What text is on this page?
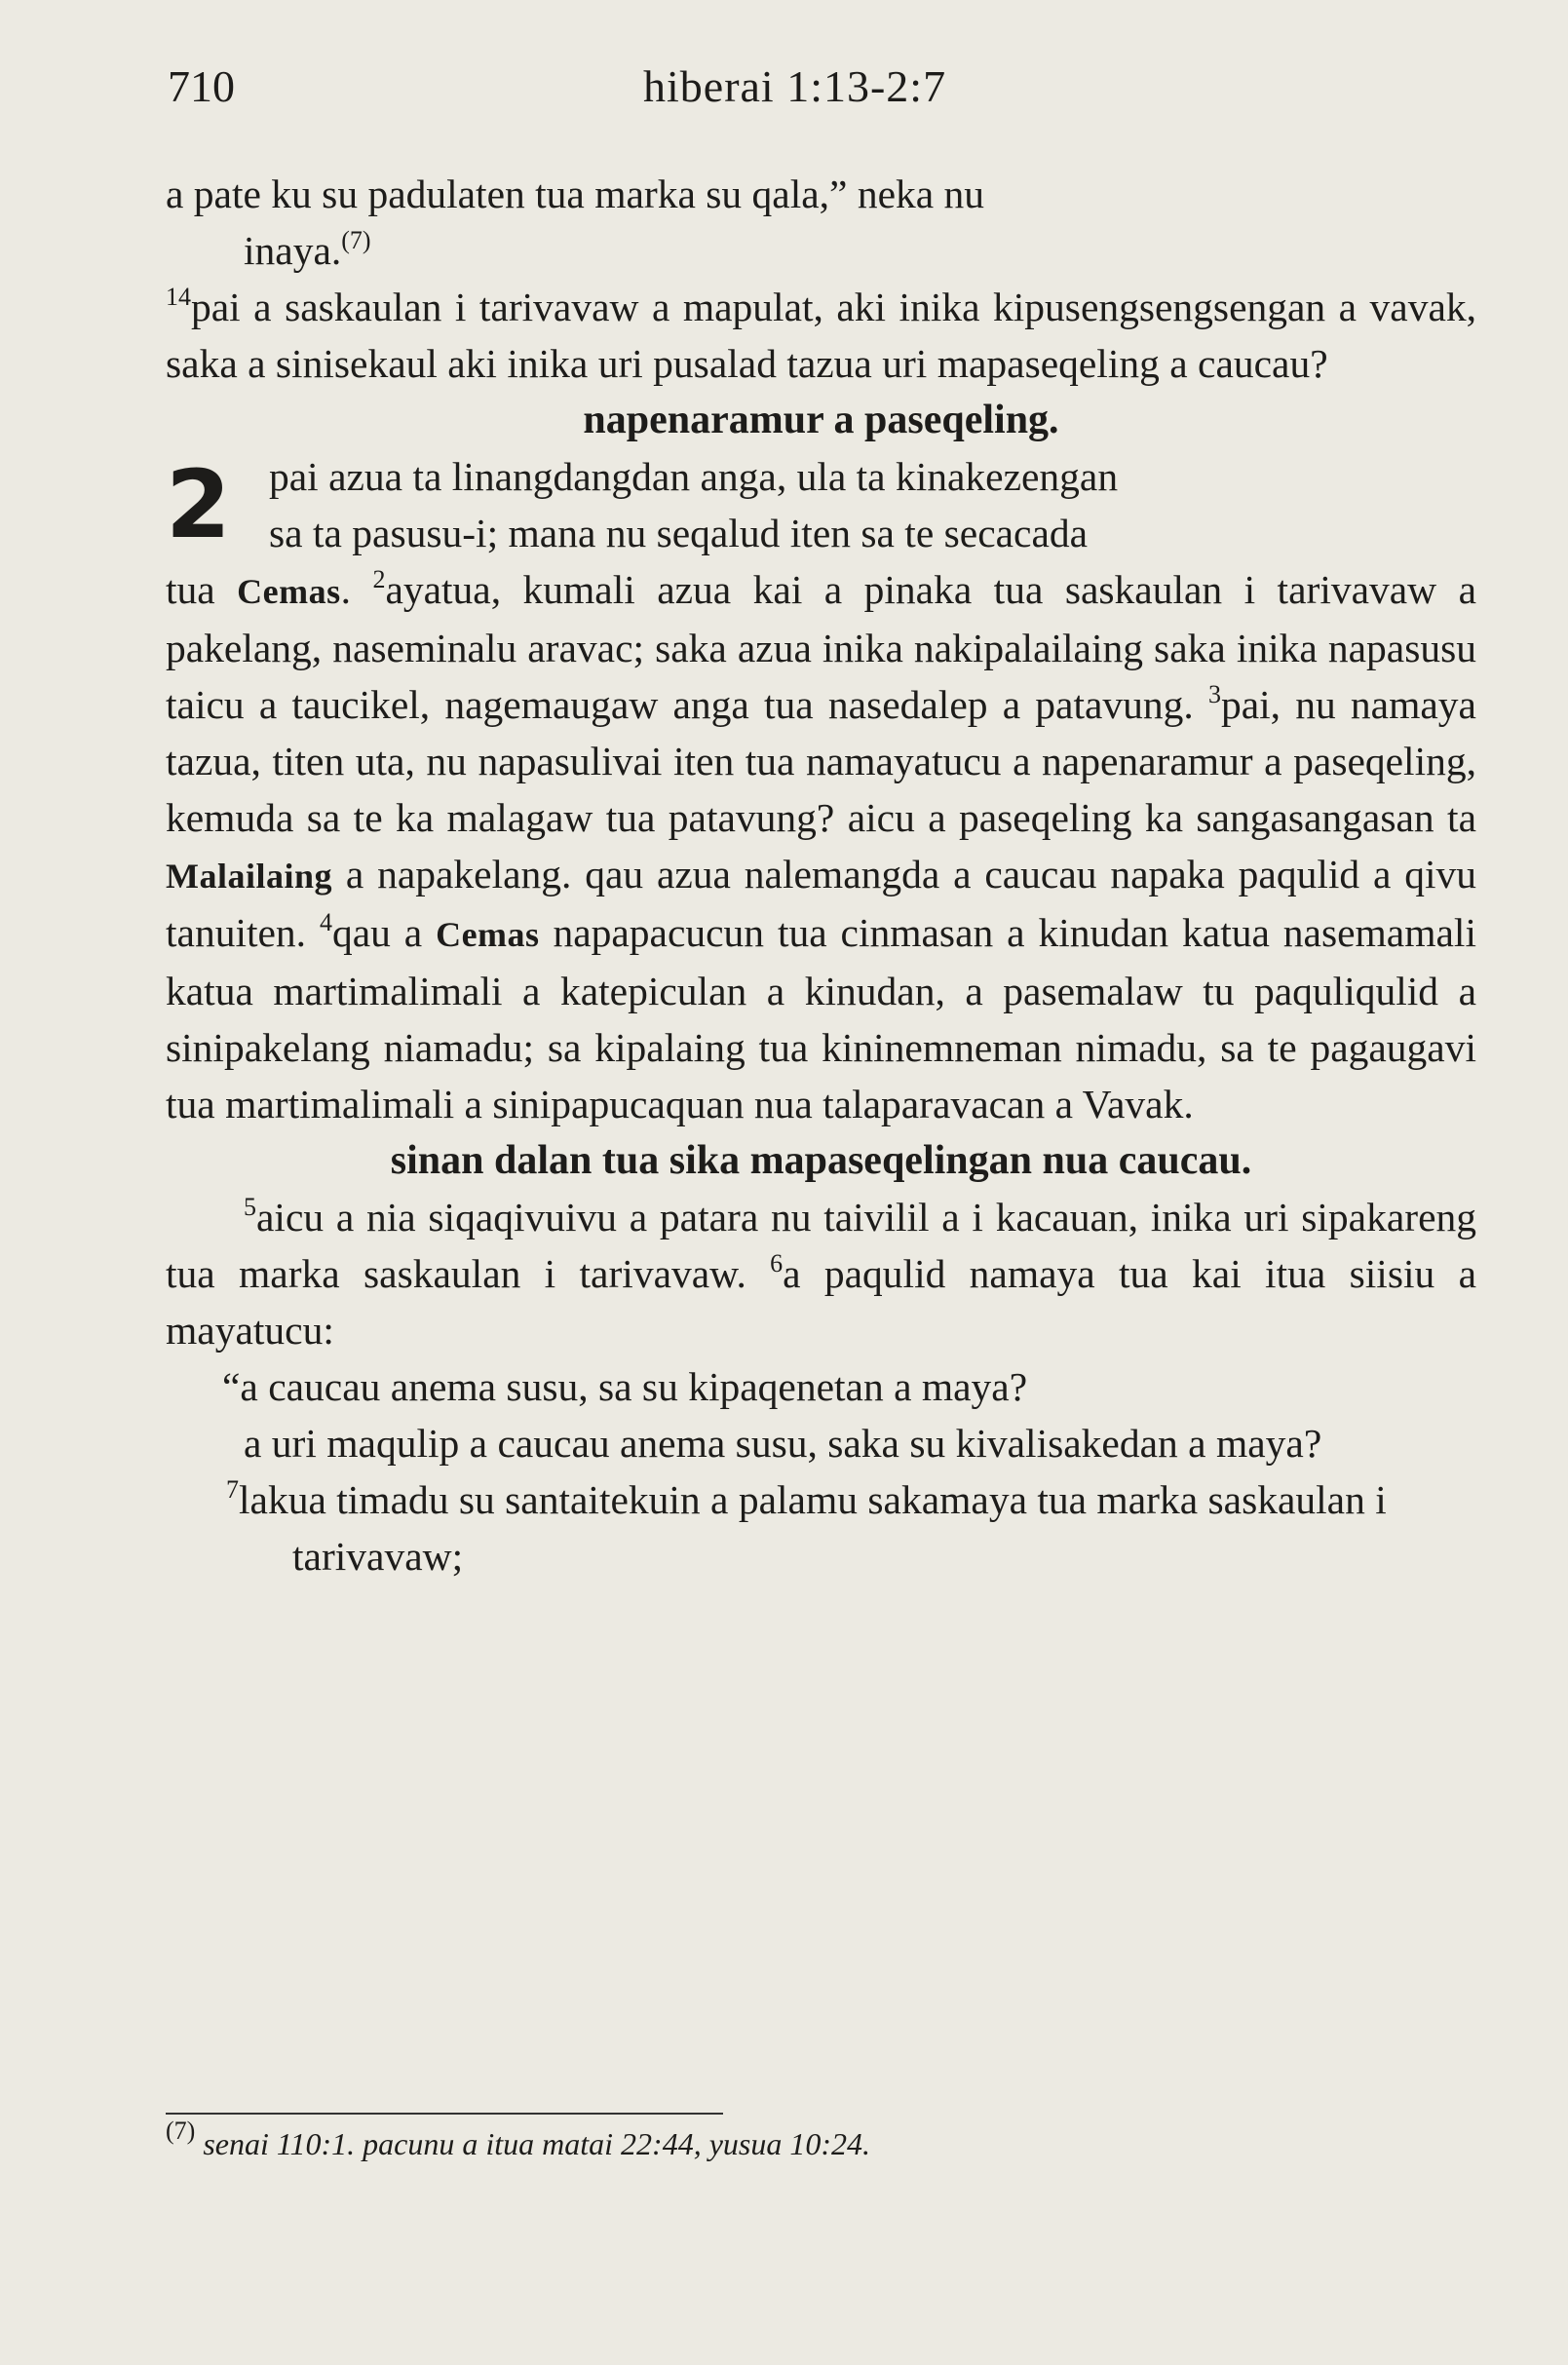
710	hiberai 1:13-2:7

a pate ku su padulaten tua marka su qala,” neka nu
inaya.$^{(7)}$

$^{14}$pai a saskaulan i tarivavaw a mapulat, aki inika kipusengsengsengan a vavak, saka a sinisekaul aki inika uri pusalad tazua uri mapaseqeling a caucau?

napenaramur a paseqeling.

2 pai azua ta linangdangdan anga, ula ta kinakezengan

sa ta pasusu-i; mana nu seqalud iten sa te secacada

tua Cemas. $^2$ayatua, kumali azua kai a pinaka tua saskaulan i tarivavaw a pakelang, naseminalu aravac; saka azua inika nakipalailaing saka inika napasusu taicu a taucikel, nagemaugaw anga tua nasedalep a patavung. $^3$pai, nu namaya tazua, titen uta, nu napasulivai iten tua namayatucu a napenaramur a paseqeling, kemuda sa te ka malagaw tua patavung? aicu a paseqeling ka sangasangasan ta Malailaing a napakelang. qau azua nalemangda a caucau napaka paqulid a qivu tanuiten. $^4$qau a Cemas napapacucun tua cinmasan a kinudan katua nasemamali katua martimalimali a katepiculan a kinudan, a pasemalaw tu paquliqulid a sinipakelang niamadu; sa kipalaing tua kininemneman nimadu, sa te pagaugavi tua martimalimali a sinipapucaquan nua talaparavacan a Vavak.

sinan dalan tua sika mapaseqelingan nua caucau.

$^5$aicu a nia siqaqivuivu a patara nu taivilil a i kacauan, inika uri sipakareng tua marka saskaulan i tarivavaw. $^6$a paqulid namaya tua kai itua siisiu a mayatucu:

“a caucau anema susu, sa su kipaqenetan a maya?

a uri maqulip a caucau anema susu, saka su kivalisakedan a maya?

$^7$lakua timadu su santaitekuin a palamu sakamaya tua marka saskaulan i tarivavaw;

$^{(7)}$ senai 110:1. pacunu a itua matai 22:44, yusua 10:24.
